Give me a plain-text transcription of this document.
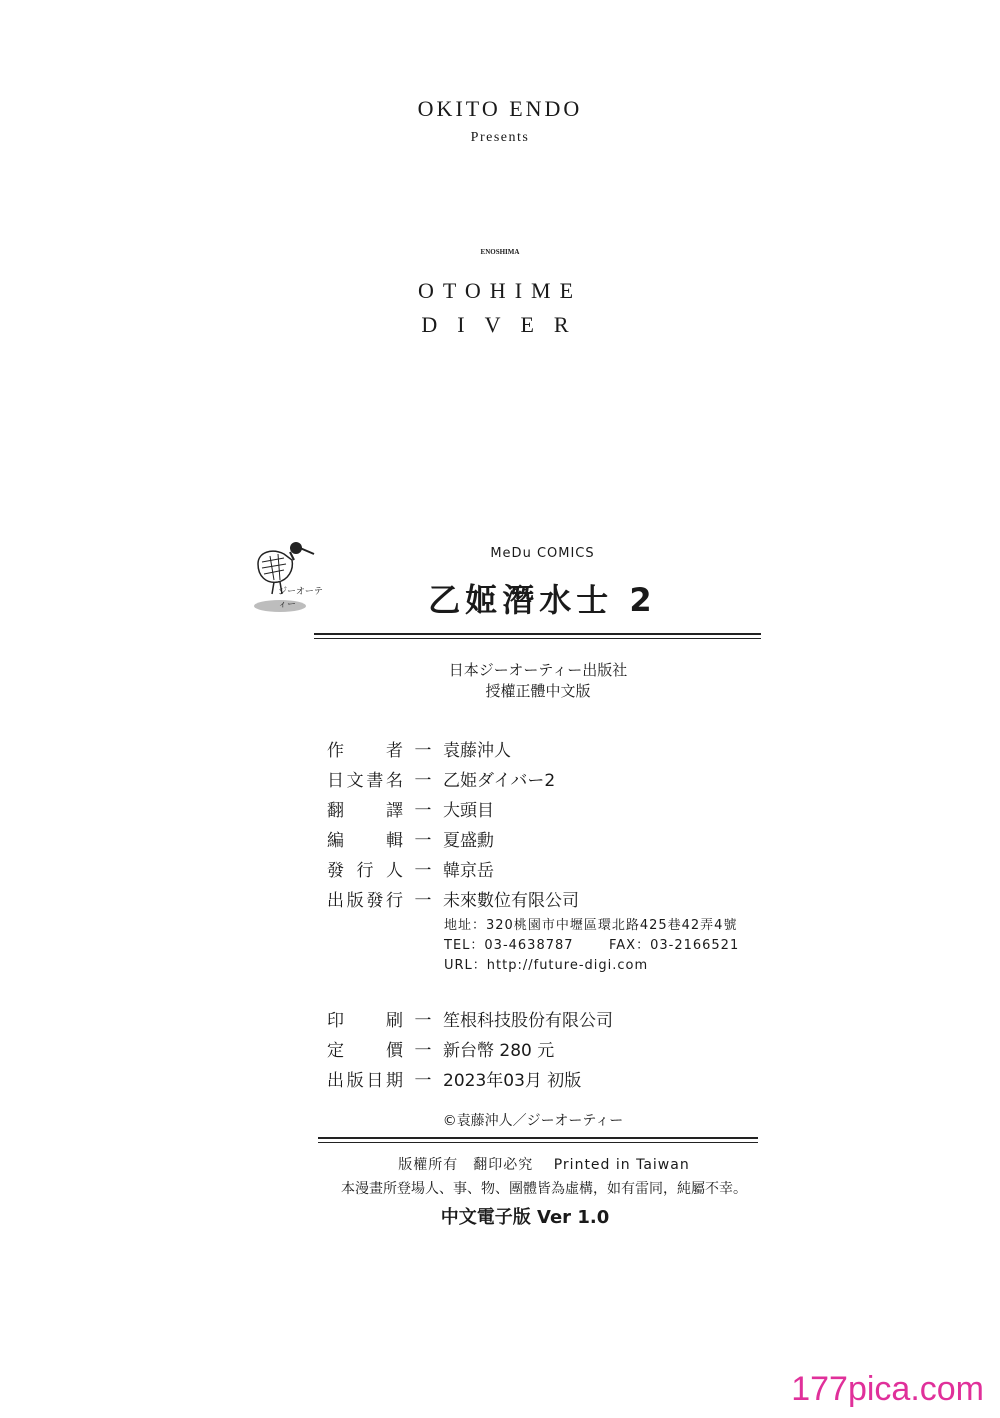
OKITO ENDO
Presents
ENOSHIMA
OTOHIME
DIVER
ジーオーティー
MeDu COMICS
乙姬潛水士 2
日本ジーオーティー出版社
授權正體中文版
作 者 一 袁藤沖人
日 文 書 名 一 乙姫ダイバー2
翻 譯 一 大頭目
編 輯 一 夏盛勳
發 行 人 一 韓京岳
出 版 發 行 一 未來數位有限公司
地址：320桃園市中壢區環北路425巷42弄4號
TEL：03-4638787	FAX：03-2166521
URL：http://future-digi.com
印 刷 一 笙根科技股份有限公司
定 價 一 新台幣 280 元
出 版 日 期 一 2023年03月 初版
©袁藤沖人／ジーオーティー
版權所有　翻印必究　 Printed in Taiwan
本漫畫所登場人、事、物、團體皆為虛構，如有雷同，純屬不幸。
中文電子版 Ver 1.0
177pica.com
